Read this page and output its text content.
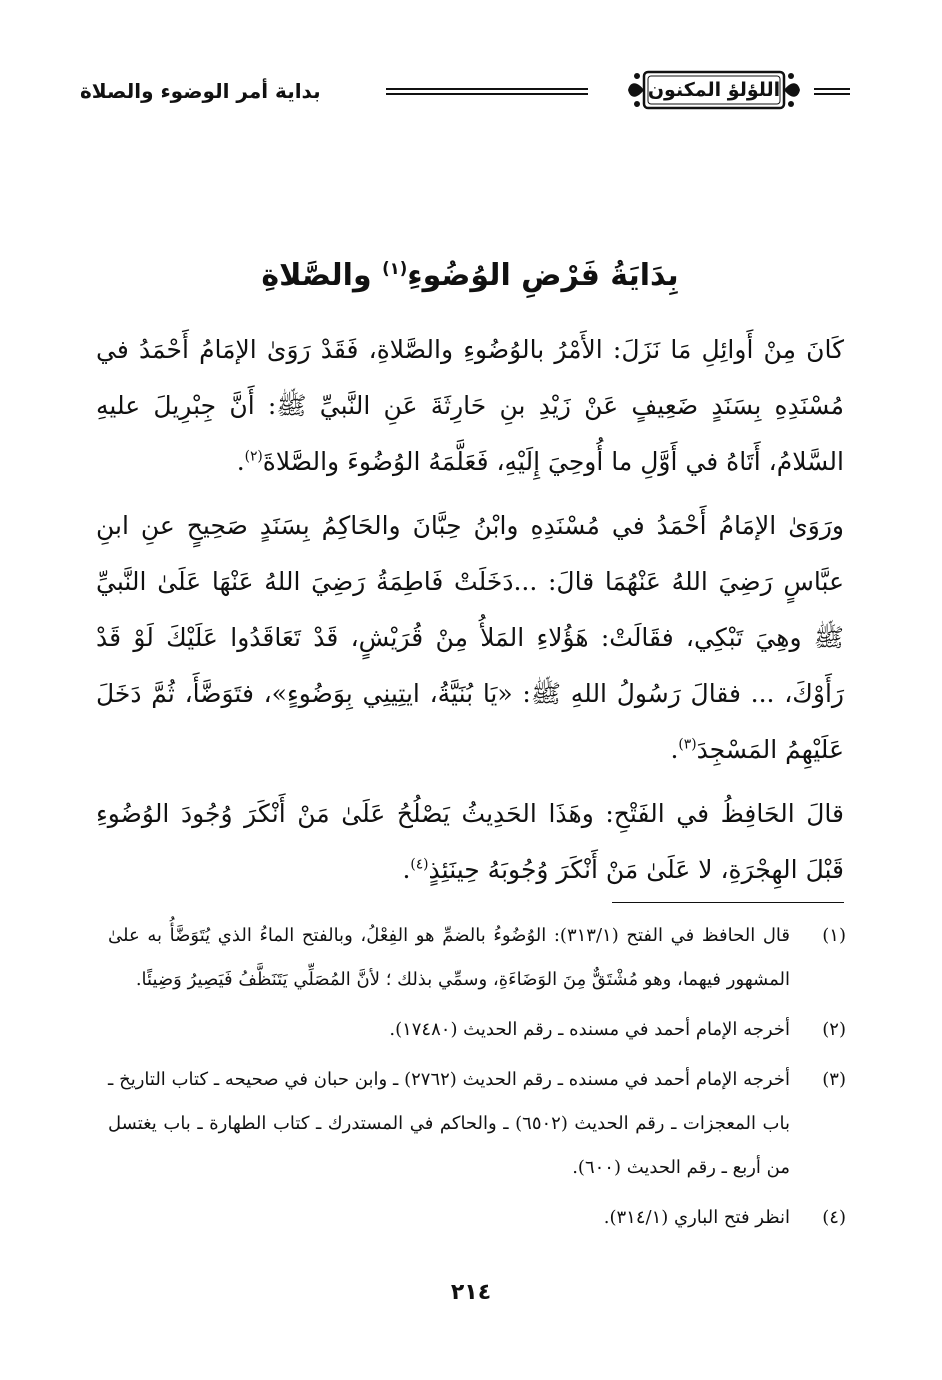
اللؤلؤ المكنون
بداية أمر الوضوء والصلاة
بِدَايَةُ فَرْضِ الوُضُوءِ$^{(١)}$ والصَّلاةِ

كَانَ مِنْ أَوائِلِ مَا نَزَلَ: الأَمْرُ بالوُضُوءِ والصَّلاةِ، فَقَدْ رَوَىٰ الإمَامُ أَحْمَدُ في مُسْنَدِهِ بِسَنَدٍ ضَعِيفٍ عَنْ زَيْدِ بنِ حَارِثَةَ عَنِ النَّبيِّ ﷺ: أَنَّ جِبْرِيلَ عليهِ السَّلامُ، أَتَاهُ في أَوَّلِ ما أُوحِيَ إِلَيْهِ، فَعَلَّمَهُ الوُضُوءَ والصَّلاةَ$^{(٢)}$.

ورَوَىٰ الإمَامُ أَحْمَدُ في مُسْنَدِهِ وابْنُ حِبَّانَ والحَاكِمُ بِسَنَدٍ صَحِيحٍ عنِ ابنِ عبَّاسٍ رَضِيَ اللهُ عَنْهُمَا قالَ: ...دَخَلَتْ فَاطِمَةُ رَضِيَ اللهُ عَنْهَا عَلَىٰ النَّبيِّ ﷺ وهِيَ تَبْكِي، فقَالَتْ: هَؤُلاءِ المَلأُ مِنْ قُرَيْشٍ، قَدْ تَعَاقَدُوا عَلَيْكَ لَوْ قَدْ رَأَوْكَ، ... فقالَ رَسُولُ اللهِ ﷺ: «يَا بُنَيَّةُ، ايتِينِي بِوَضُوءٍ»، فتَوَضَّأَ، ثُمَّ دَخَلَ عَلَيْهِمُ المَسْجِدَ$^{(٣)}$.

قالَ الحَافِظُ في الفَتْحِ: وهَذَا الحَدِيثُ يَصْلُحُ عَلَىٰ مَنْ أَنْكَرَ وُجُودَ الوُضُوءِ قَبْلَ الهِجْرَةِ، لا عَلَىٰ مَنْ أَنْكَرَ وُجُوبَهُ حِينَئِذٍ$^{(٤)}$.

(١)
قال الحافظ في الفتح (٣١٣/١): الوُضُوءُ بالضمِّ هو الفِعْلُ، وبالفتح الماءُ الذي يُتَوَضَّأُ به علىٰ المشهور فيهما، وهو مُشْتَقٌّ مِنَ الوَضَاءَةِ، وسمِّي بذلك ؛ لأنَّ المُصَلِّي يَتَنَظَّفُ فَيَصِيرُ وَضِيئًا.
(٢)
أخرجه الإمام أحمد في مسنده ـ رقم الحديث (١٧٤٨٠).
(٣)
أخرجه الإمام أحمد في مسنده ـ رقم الحديث (٢٧٦٢) ـ وابن حبان في صحيحه ـ كتاب التاريخ ـ باب المعجزات ـ رقم الحديث (٦٥٠٢) ـ والحاكم في المستدرك ـ كتاب الطهارة ـ باب يغتسل من أربع ـ رقم الحديث (٦٠٠).
(٤)
انظر فتح الباري (٣١٤/١).
٢١٤
